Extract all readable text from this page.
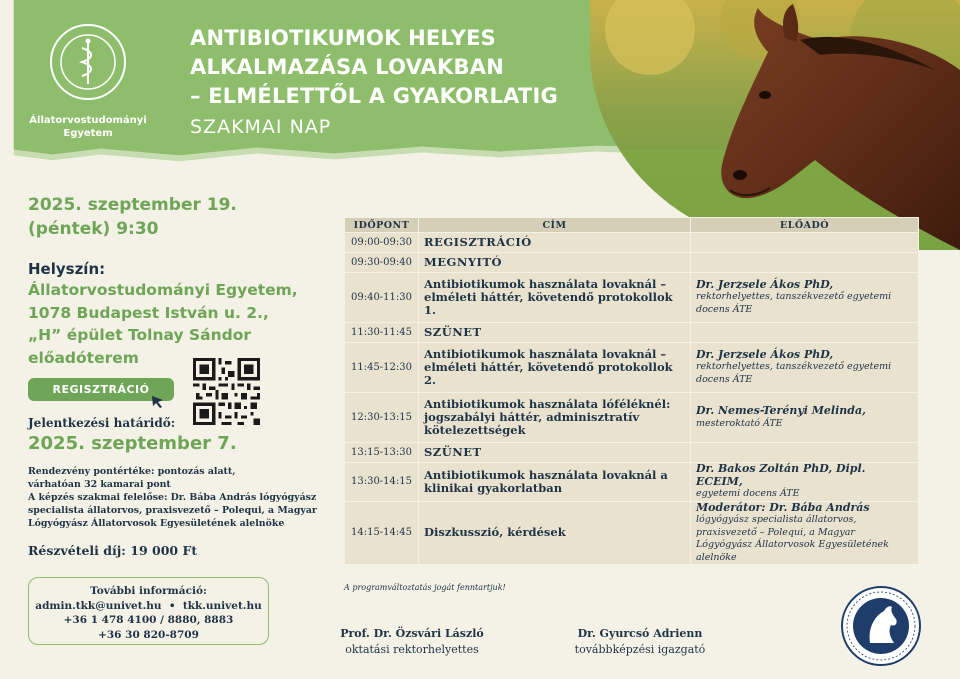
Állatorvostudományi
Egyetem
ANTIBIOTIKUMOK HELYES
ALKALMAZÁSA LOVAKBAN
– ELMÉLETTŐL A GYAKORLATIG
SZAKMAI NAP
2025. szeptember 19.
(péntek) 9:30
Helyszín:
Állatorvostudományi Egyetem,
1078 Budapest István u. 2.,
„H” épület Tolnay Sándor
előadóterem
REGISZTRÁCIÓ
Jelentkezési határidő:
2025. szeptember 7.
Rendezvény pontértéke: pontozás alatt,
várhatóan 32 kamarai pont
A képzés szakmai felelőse: Dr. Bába András lógyógyász
specialista állatorvos, praxisvezető – Polequi, a Magyar
Lógyógyász Állatorvosok Egyesületének alelnöke
Részvételi díj: 19 000 Ft
További információ:
admin.tkk@univet.hu  •  tkk.univet.hu
+36 1 478 4100 / 8880, 8883
+36 30 820-8709
IDŐPONT	CÍM	ELŐADÓ
09:00-09:30	REGISZTRÁCIÓ	
09:30-09:40	MEGNYITÓ	
09:40-11:30	Antibiotikumok használata lovaknál – elméleti háttér, követendő protokollok 1.	Dr. Jerzsele Ákos PhD,
rektorhelyettes, tanszékvezető egyetemi docens ÁTE

11:30-11:45	SZÜNET	
11:45-12:30	Antibiotikumok használata lovaknál – elméleti háttér, követendő protokollok 2.	Dr. Jerzsele Ákos PhD,
rektorhelyettes, tanszékvezető egyetemi docens ÁTE

12:30-13:15	Antibiotikumok használata lóféléknél: jogszabályi háttér, adminisztratív kötelezettségek	Dr. Nemes-Terényi Melinda,
mesteroktató ÁTE

13:15-13:30	SZÜNET	
13:30-14:15	Antibiotikumok használata lovaknál a klinikai gyakorlatban	Dr. Bakos Zoltán PhD, Dipl. ECEIM,
egyetemi docens ÁTE

14:15-14:45	Diszkusszió, kérdések	Moderátor: Dr. Bába András
lógyógyász specialista állatorvos, praxisvezető – Polequi, a Magyar Lógyógyász Állatorvosok Egyesületének alelnöke
A programváltoztatás jogát fenntartjuk!
Prof. Dr. Özsvári László
oktatási rektorhelyettes
Dr. Gyurcsó Adrienn
továbbképzési igazgató
